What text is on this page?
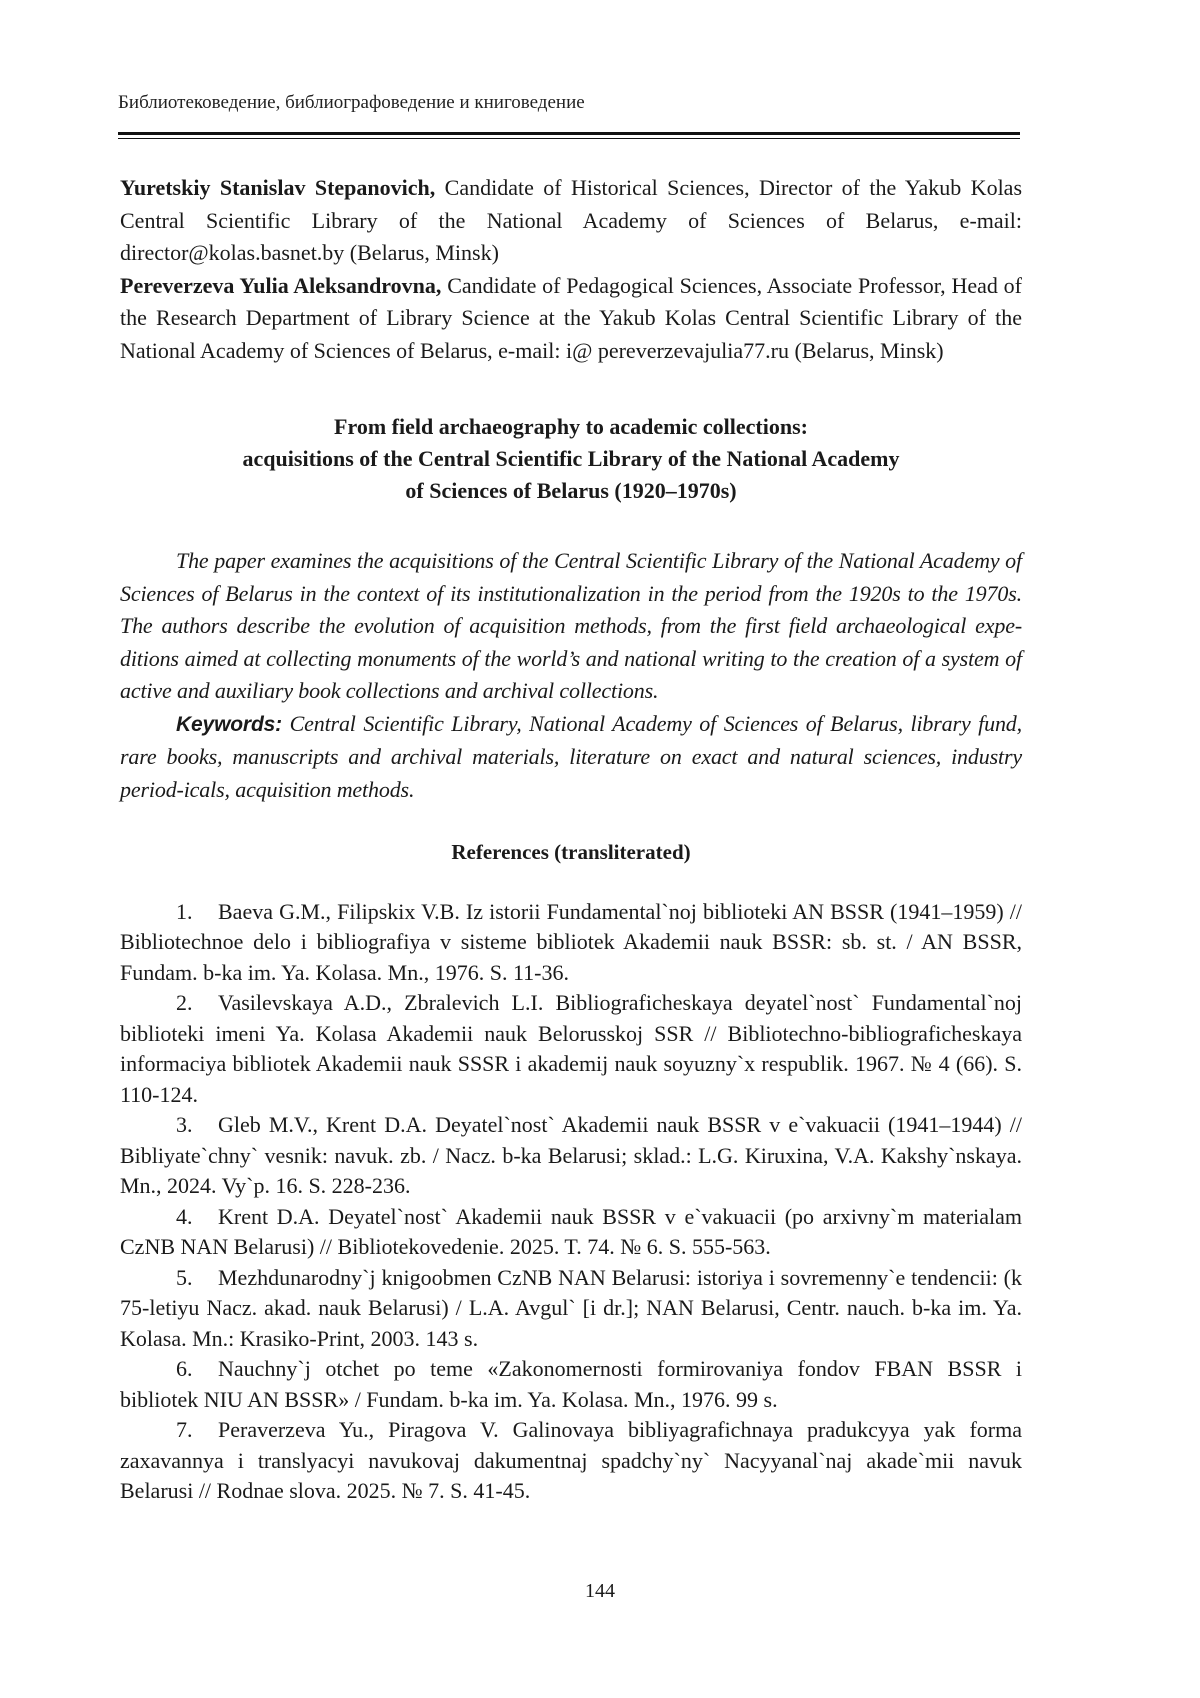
Библиотековедение, библиографоведение и книговедение

Yuretskiy Stanislav Stepanovich, Candidate of Historical Sciences, Director of the Yakub Kolas Central Scientific Library of the National Academy of Sciences of Belarus, e-mail: director@kolas.basnet.by (Belarus, Minsk)

Pereverzeva Yulia Aleksandrovna, Candidate of Pedagogical Sciences, Associate Professor, Head of the Research Department of Library Science at the Yakub Kolas Central Scientific Library of the National Academy of Sciences of Belarus, e-mail: i@ pereverzevajulia77.ru (Belarus, Minsk)

From field archaeography to academic collections:
acquisitions of the Central Scientific Library of the National Academy
of Sciences of Belarus (1920–1970s)

The paper examines the acquisitions of the Central Scientific Library of the National Academy of Sciences of Belarus in the context of its institutionalization in the period from the 1920s to the 1970s. The authors describe the evolution of acquisition methods, from the first field archaeological expe-ditions aimed at collecting monuments of the world’s and national writing to the creation of a system of active and auxiliary book collections and archival collections.

Keywords: Central Scientific Library, National Academy of Sciences of Belarus, library fund, rare books, manuscripts and archival materials, literature on exact and natural sciences, industry period-icals, acquisition methods.

References (transliterated)

1. Baeva G.M., Filipskix V.B. Iz istorii Fundamental`noj biblioteki AN BSSR (1941–1959) // Bibliotechnoe delo i bibliografiya v sisteme bibliotek Akademii nauk BSSR: sb. st. / AN BSSR, Fundam. b-ka im. Ya. Kolasa. Mn., 1976. S. 11-36.

2. Vasilevskaya A.D., Zbralevich L.I. Bibliograficheskaya deyatel`nost` Fundamental`noj biblioteki imeni Ya. Kolasa Akademii nauk Belorusskoj SSR // Bibliotechno-bibliograficheskaya informaciya bibliotek Akademii nauk SSSR i akademij nauk soyuzny`x respublik. 1967. № 4 (66). S. 110-124.

3. Gleb M.V., Krent D.A. Deyatel`nost` Akademii nauk BSSR v e`vakuacii (1941–1944) // Bibliyate`chny` vesnik: navuk. zb. / Nacz. b-ka Belarusi; sklad.: L.G. Kiruxina, V.A. Kakshy`nskaya. Mn., 2024. Vy`p. 16. S. 228-236.

4. Krent D.A. Deyatel`nost` Akademii nauk BSSR v e`vakuacii (po arxivny`m materialam CzNB NAN Belarusi) // Bibliotekovedenie. 2025. T. 74. № 6. S. 555-563.

5. Mezhdunarodny`j knigoobmen CzNB NAN Belarusi: istoriya i sovremenny`e tendencii: (k 75-letiyu Nacz. akad. nauk Belarusi) / L.A. Avgul` [i dr.]; NAN Belarusi, Centr. nauch. b-ka im. Ya. Kolasa. Mn.: Krasiko-Print, 2003. 143 s.

6. Nauchny`j otchet po teme «Zakonomernosti formirovaniya fondov FBAN BSSR i bibliotek NIU AN BSSR» / Fundam. b-ka im. Ya. Kolasa. Mn., 1976. 99 s.

7. Peraverzeva Yu., Piragova V. Galinovaya bibliyagrafichnaya pradukcyya yak forma zaxavannya i translyacyi navukovaj dakumentnaj spadchy`ny` Nacyyanal`naj akade`mii navuk Belarusi // Rodnae slova. 2025. № 7. S. 41-45.

144
